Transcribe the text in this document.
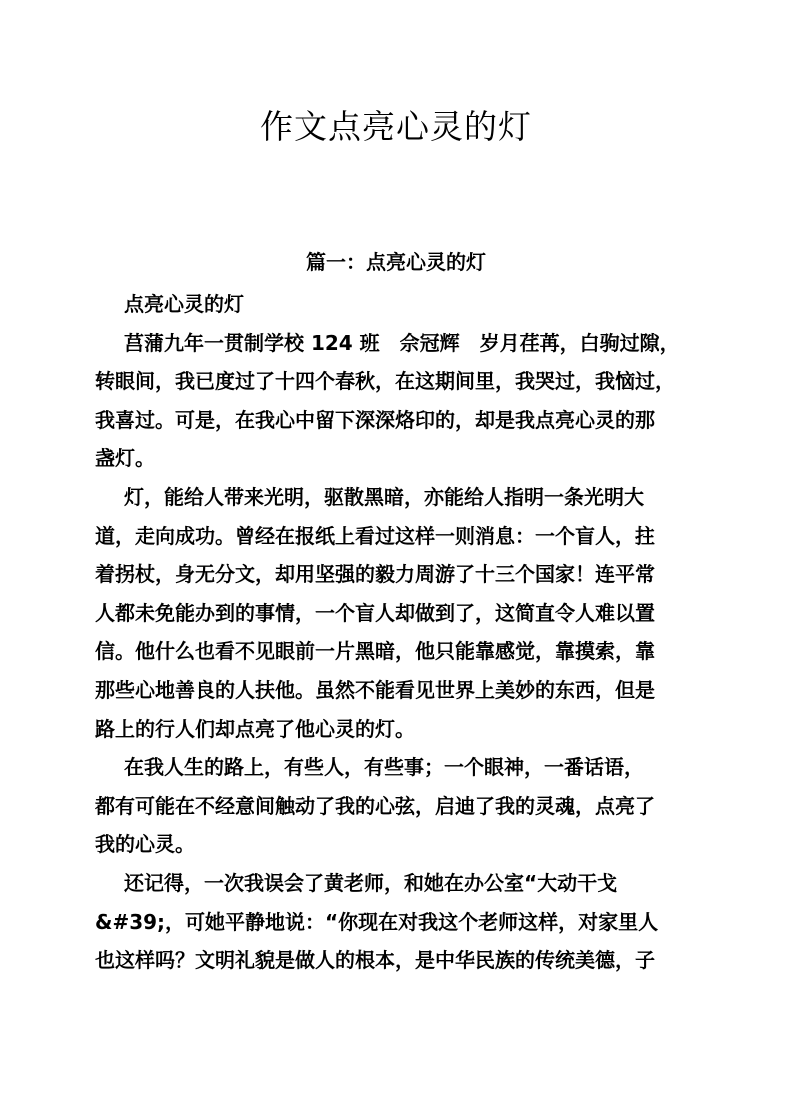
作文点亮心灵的灯
篇一：点亮心灵的灯
点亮心灵的灯
莒蒲九年一贯制学校 124 班　佘冠辉　岁月荏苒，白驹过隙，
转眼间，我已度过了十四个春秋，在这期间里，我哭过，我恼过，
我喜过。可是，在我心中留下深深烙印的，却是我点亮心灵的那
盏灯。
灯，能给人带来光明，驱散黑暗，亦能给人指明一条光明大
道，走向成功。曾经在报纸上看过这样一则消息：一个盲人，拄
着拐杖，身无分文，却用坚强的毅力周游了十三个国家！连平常
人都未免能办到的事情，一个盲人却做到了，这简直令人难以置
信。他什么也看不见眼前一片黑暗，他只能靠感觉，靠摸索，靠
那些心地善良的人扶他。虽然不能看见世界上美妙的东西，但是
路上的行人们却点亮了他心灵的灯。
在我人生的路上，有些人，有些事；一个眼神，一番话语，
都有可能在不经意间触动了我的心弦，启迪了我的灵魂，点亮了
我的心灵。
还记得，一次我误会了黄老师，和她在办公室“大动干戈
&#39;，可她平静地说：“你现在对我这个老师这样，对家里人
也这样吗？文明礼貌是做人的根本，是中华民族的传统美德，子
